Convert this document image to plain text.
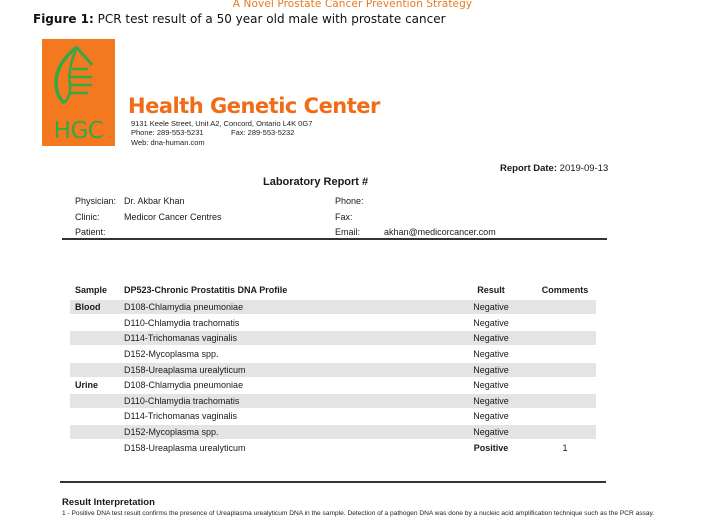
A Novel Prostate Cancer Prevention Strategy
Figure 1: PCR test result of a 50 year old male with prostate cancer
HGC
Health Genetic Center
9131 Keele Street, Unit A2, Concord, Ontario L4K 0G7
Phone: 289-553-5231	Fax: 289-553-5232
Web: dna-human.com
Report Date: 2019-09-13
Laboratory Report #
Physician: Dr. Akbar Khan
Clinic:	Medicor Cancer Centres
Patient:
Phone:
Fax:
Email:	akhan@medicorcancer.com
Sample DP523-Chronic Prostatitis DNA Profile	Result	Comments
Blood	D108-Chlamydia pneumoniae	Negative
D110-Chlamydia trachomatis	Negative
D114-Trichomanas vaginalis	Negative
D152-Mycoplasma spp.	Negative
D158-Ureaplasma urealyticum	Negative
Urine	D108-Chlamydia pneumoniae	Negative
D110-Chlamydia trachomatis	Negative
D114-Trichomanas vaginalis	Negative
D152-Mycoplasma spp.	Negative
D158-Ureaplasma urealyticum	Positive	1
Result Interpretation
1 - Positive DNA test result confirms the presence of Ureaplasma urealyticum DNA in the sample. Detection of a pathogen DNA was done by a nucleic acid amplification technique such as the PCR assay.
